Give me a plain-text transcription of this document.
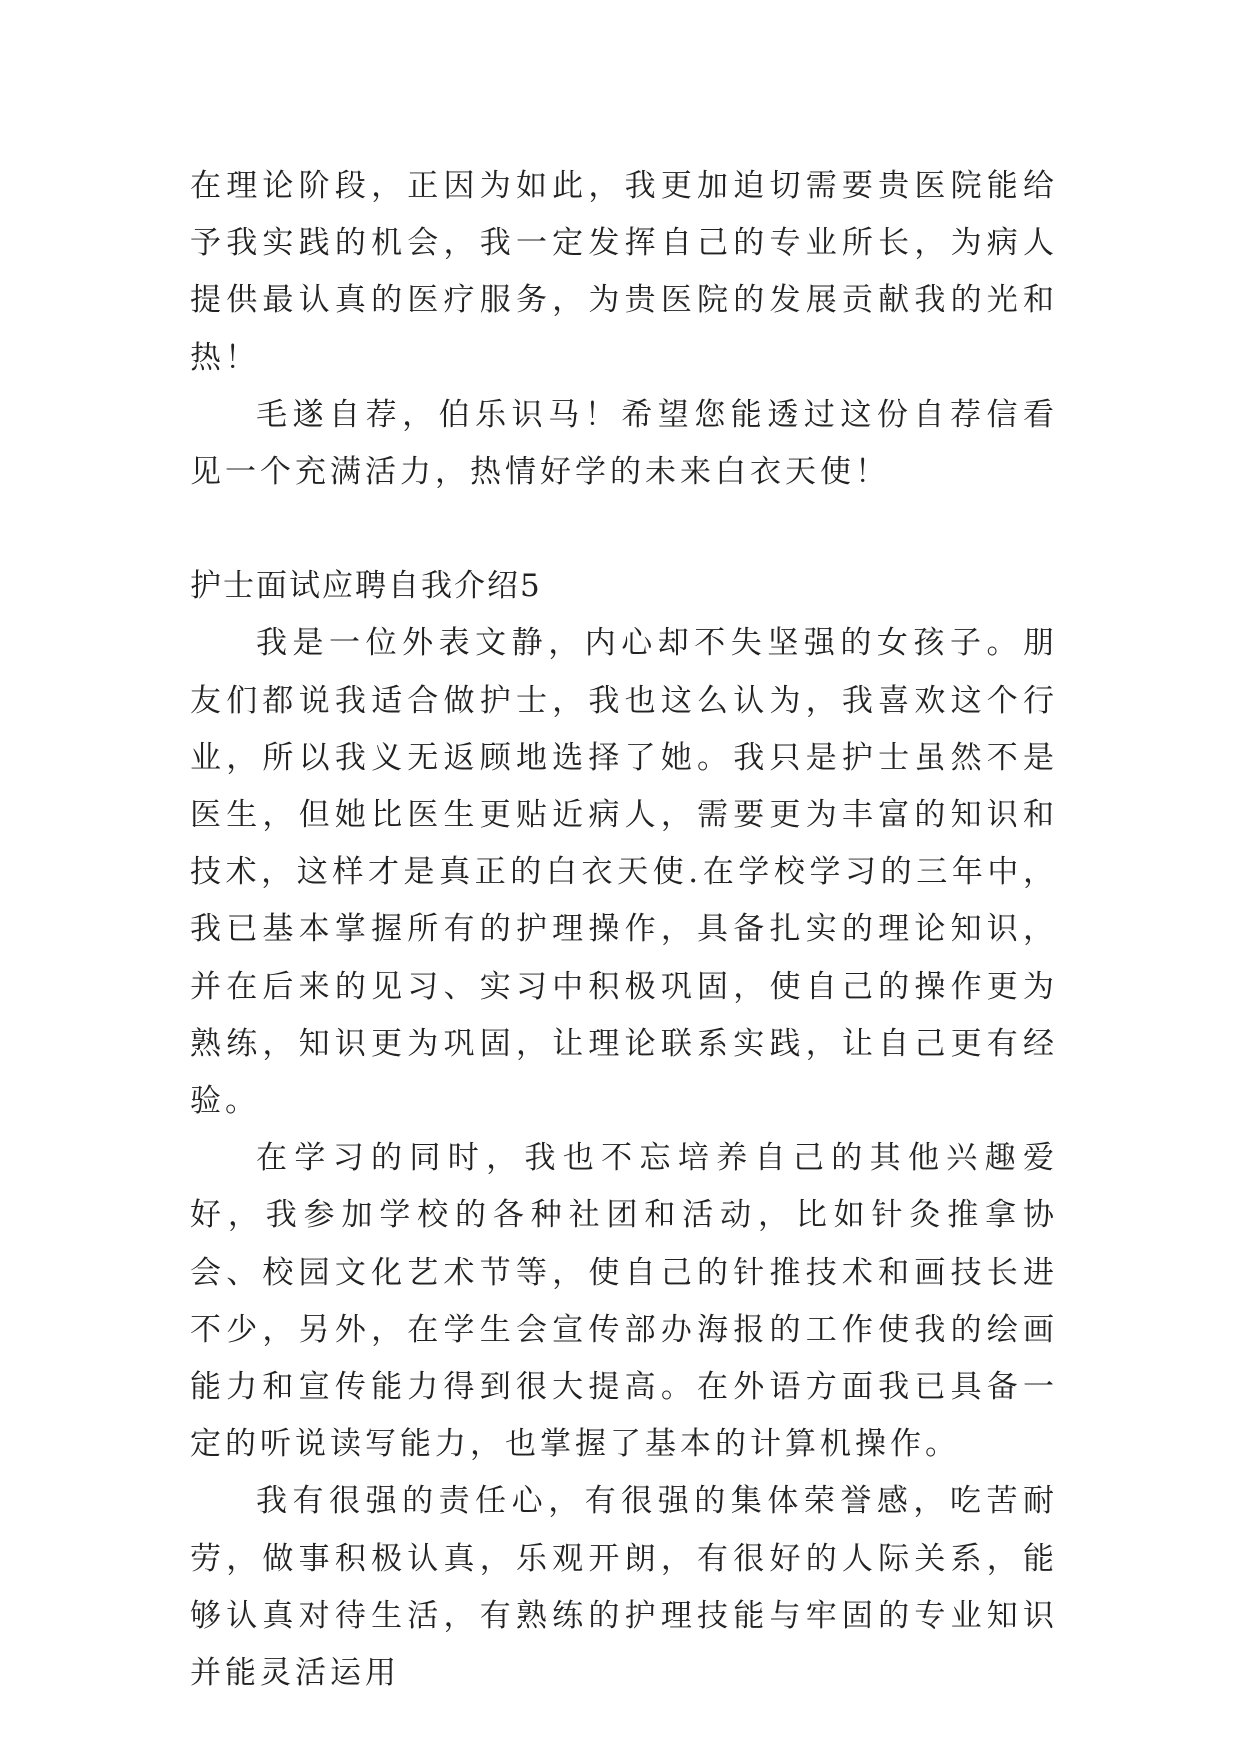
在理论阶段，正因为如此，我更加迫切需要贵医院能给予我实践的机会，我一定发挥自己的专业所长，为病人提供最认真的医疗服务，为贵医院的发展贡献我的光和热！

毛遂自荐，伯乐识马！希望您能透过这份自荐信看见一个充满活力，热情好学的未来白衣天使！

护士面试应聘自我介绍5

我是一位外表文静，内心却不失坚强的女孩子。朋友们都说我适合做护士，我也这么认为，我喜欢这个行业，所以我义无返顾地选择了她。我只是护士虽然不是医生，但她比医生更贴近病人，需要更为丰富的知识和技术，这样才是真正的白衣天使.在学校学习的三年中，我已基本掌握所有的护理操作，具备扎实的理论知识，并在后来的见习、实习中积极巩固，使自己的操作更为熟练，知识更为巩固，让理论联系实践，让自己更有经验。

在学习的同时，我也不忘培养自己的其他兴趣爱好，我参加学校的各种社团和活动，比如针灸推拿协会、校园文化艺术节等，使自己的针推技术和画技长进不少，另外，在学生会宣传部办海报的工作使我的绘画能力和宣传能力得到很大提高。在外语方面我已具备一定的听说读写能力，也掌握了基本的计算机操作。

我有很强的责任心，有很强的集体荣誉感，吃苦耐劳，做事积极认真，乐观开朗，有很好的人际关系，能够认真对待生活，有熟练的护理技能与牢固的专业知识并能灵活运用
